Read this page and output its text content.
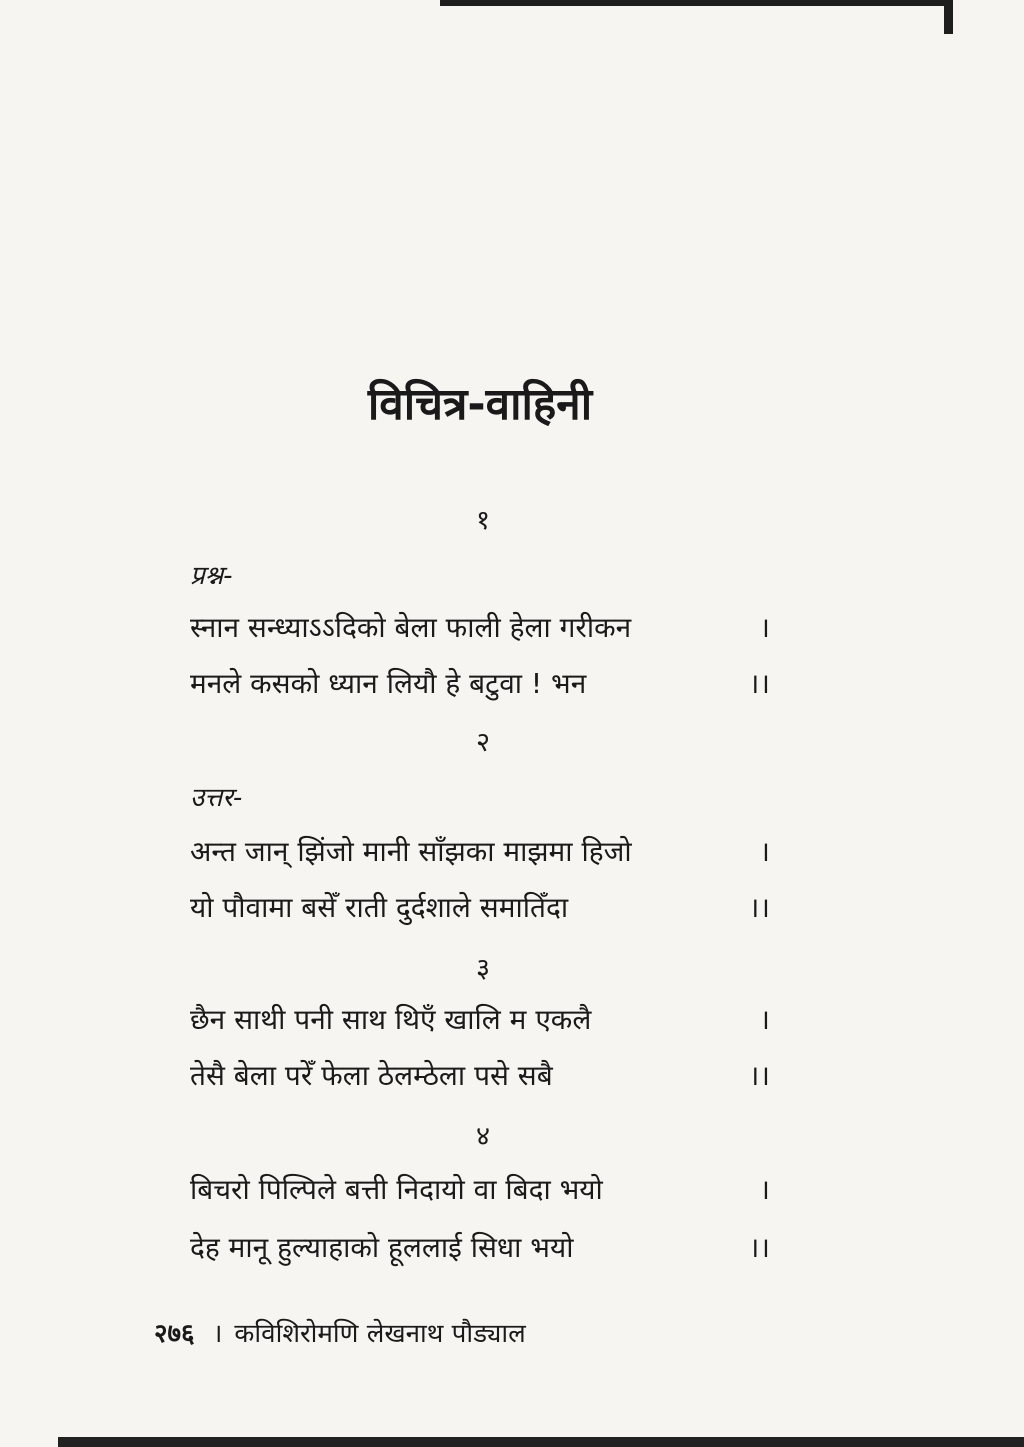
विचित्र-वाहिनी
१
प्रश्न-
स्नान सन्ध्याऽऽदिको बेला फाली हेला गरीकन	।
मनले कसको ध्यान लियौ हे बटुवा ! भन	।।
२
उत्तर-
अन्त जान् झिंजो मानी साँझका माझमा हिजो	।
यो पौवामा बसेँ राती दुर्दशाले समातिँदा	।।
३
छैन साथी पनी साथ थिएँ खालि म एकलै	।
तेसै बेला परेँ फेला ठेलम्ठेला पसे सबै	।।
४
बिचरो पिल्पिले बत्ती निदायो वा बिदा भयो	।
देह मानू हुल्याहाको हूललाई सिधा भयो	।।
२७६ । कविशिरोमणि लेखनाथ पौड्याल
